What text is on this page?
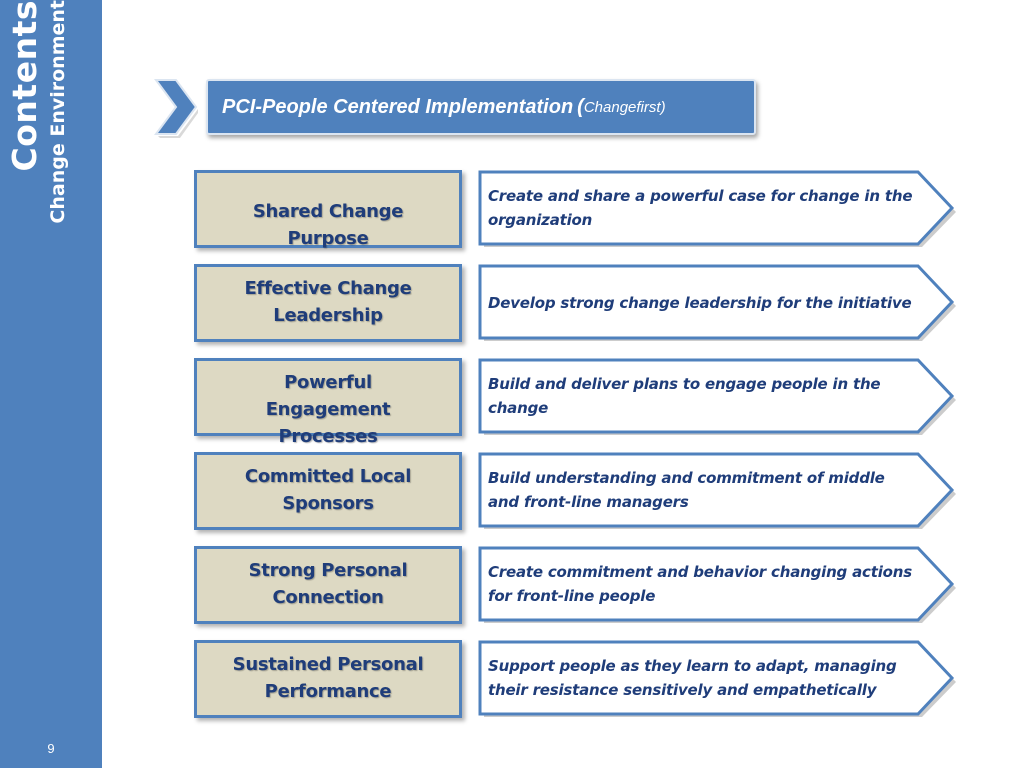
Contents Change Environment
9
PCI-People Centered Implementation ( Changefirst )
Shared Change Purpose
Create and share a powerful case for change in the organization
Effective Change Leadership
Develop strong change leadership for the initiative
Powerful Engagement Processes
Build and deliver plans to engage people in the change
Committed Local Sponsors
Build understanding and commitment of middle and front-line managers
Strong Personal Connection
Create commitment and behavior changing actions for front-line people
Sustained Personal Performance
Support people as they learn to adapt, managing their resistance sensitively and empathetically
